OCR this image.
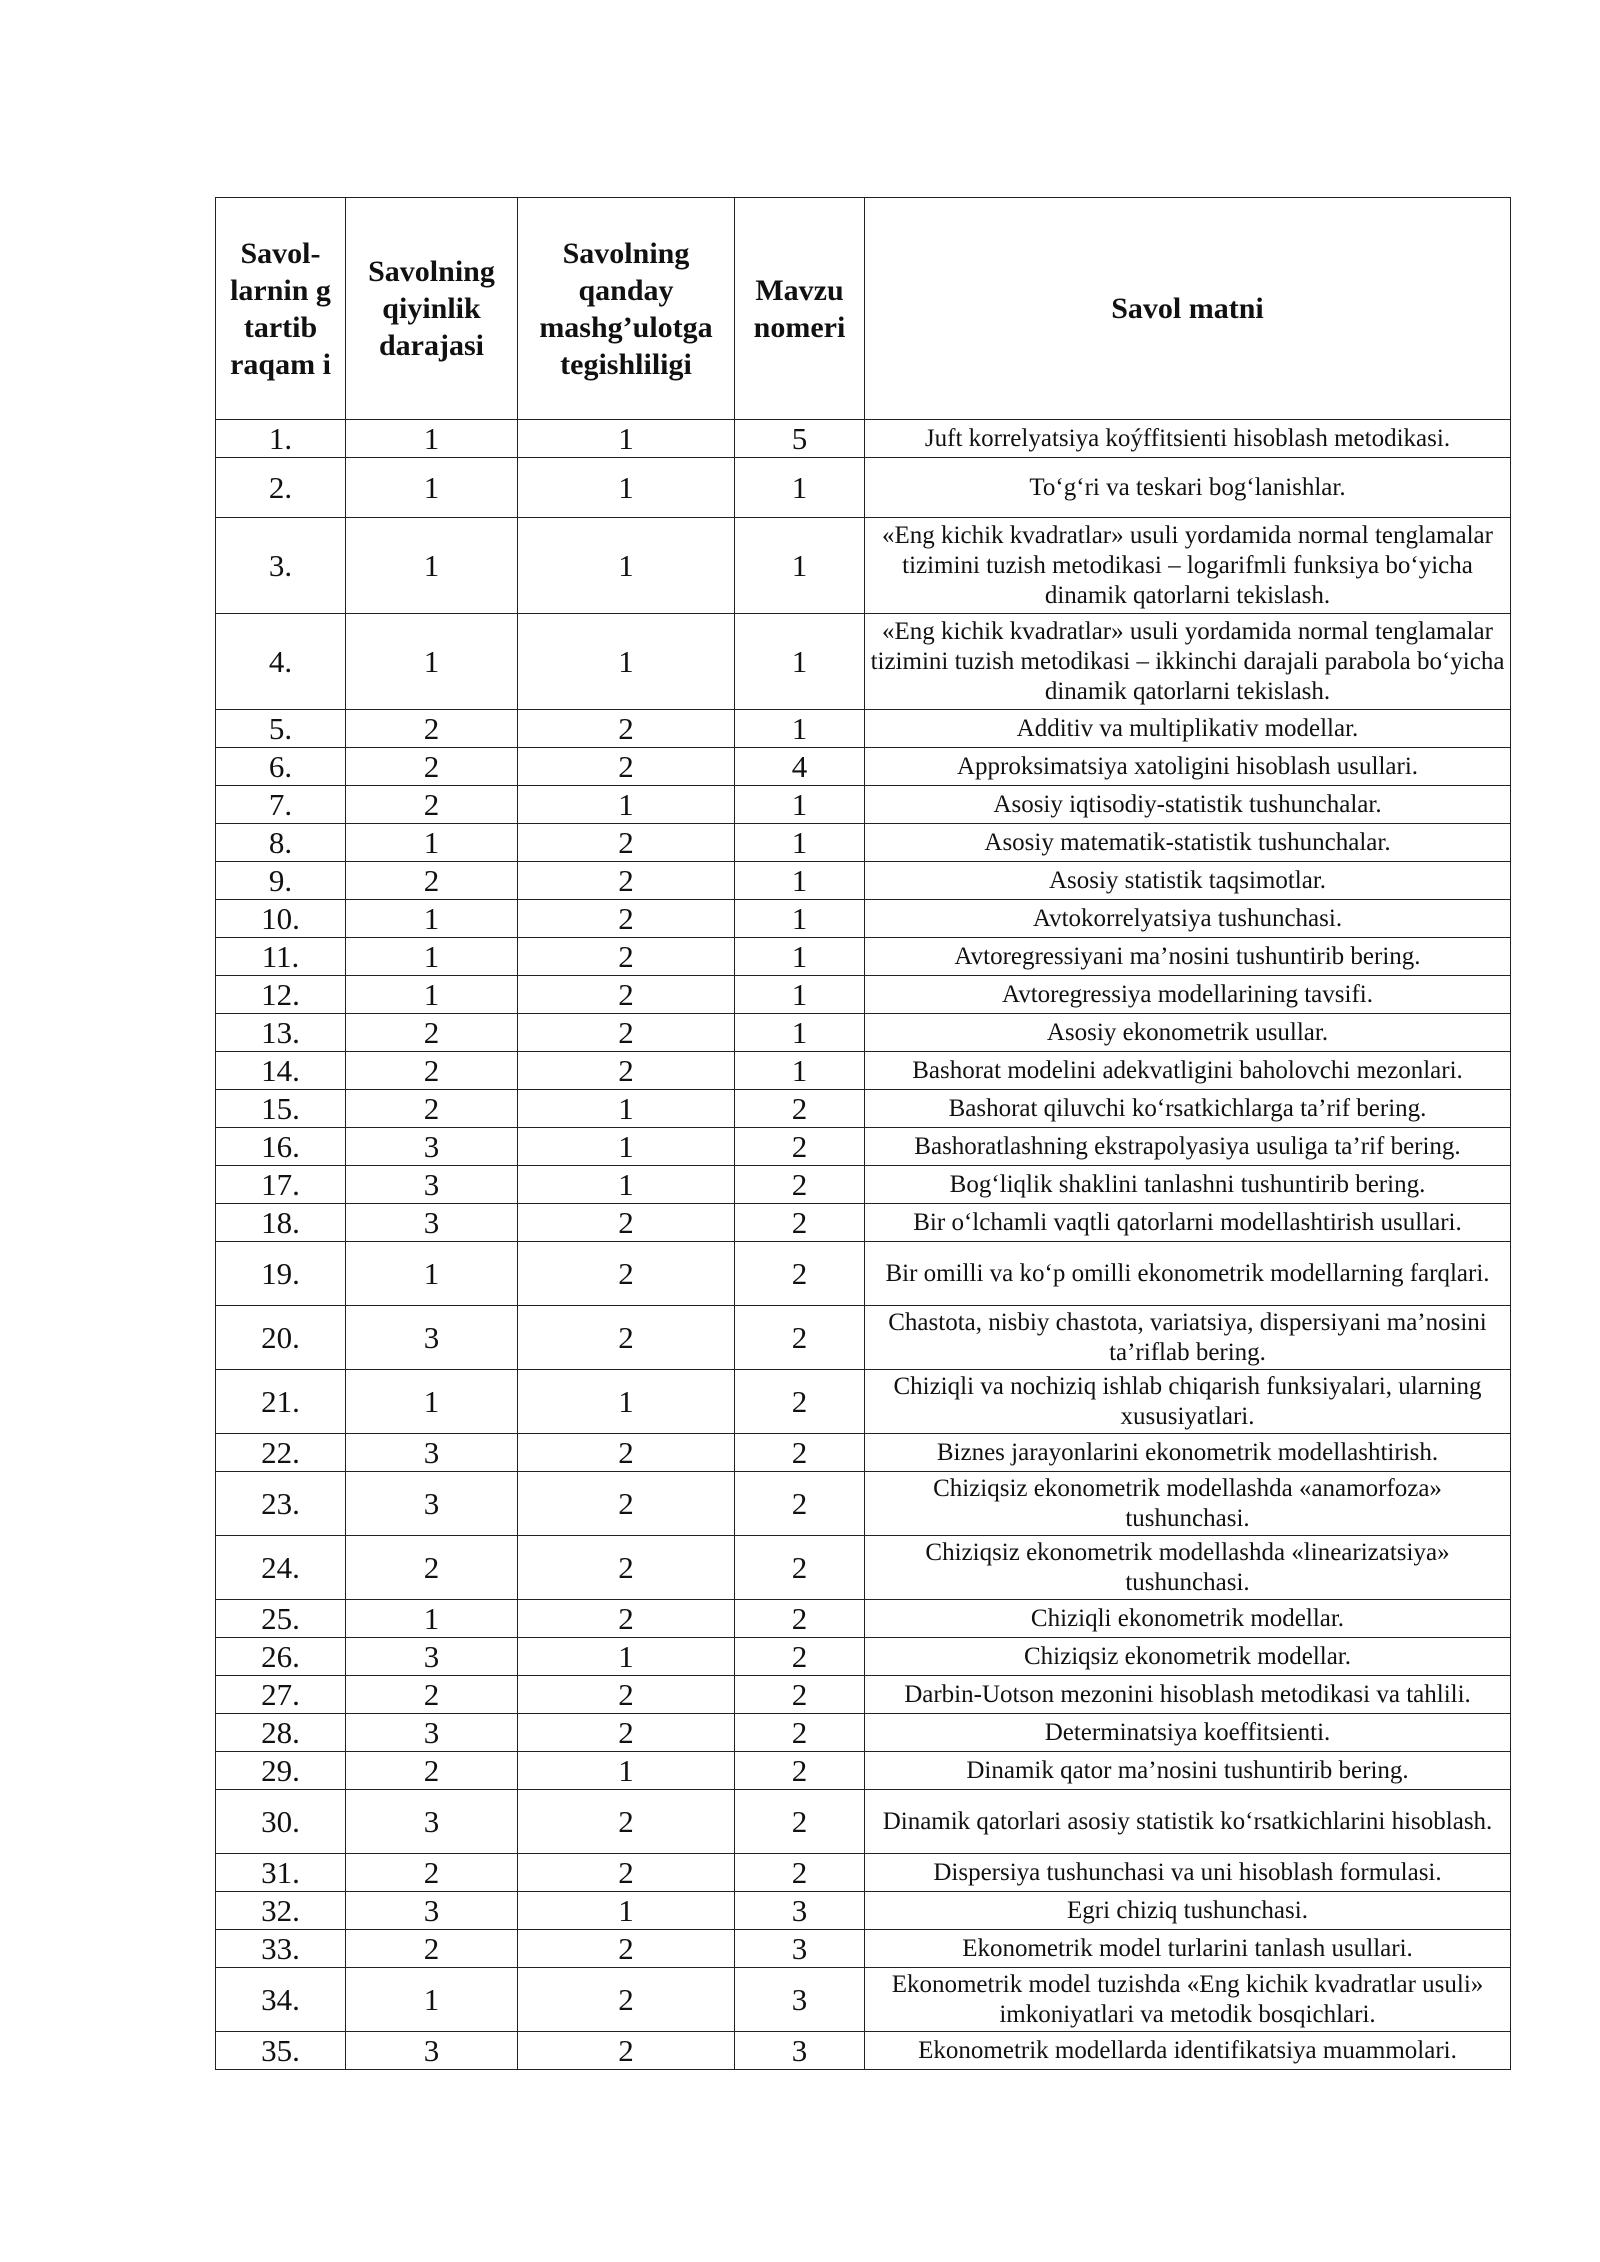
Savol-larnin g tartib raqam i	Savolning qiyinlik darajasi	Savolning qanday mashg’ulotga tegishliligi	Mavzu nomeri	Savol matni
1.	1	1	5	Juft korrelyatsiya koýffitsienti hisoblash metodikasi.
2.	1	1	1	To‘g‘ri va teskari bog‘lanishlar.
3.	1	1	1	«Eng kichik kvadratlar» usuli yordamida normal tenglamalar tizimini tuzish metodikasi – logarifmli funksiya bo‘yicha dinamik qatorlarni tekislash.
4.	1	1	1	«Eng kichik kvadratlar» usuli yordamida normal tenglamalar tizimini tuzish metodikasi – ikkinchi darajali parabola bo‘yicha dinamik qatorlarni tekislash.
5.	2	2	1	Additiv va multiplikativ modellar.
6.	2	2	4	Approksimatsiya xatoligini hisoblash usullari.
7.	2	1	1	Asosiy iqtisodiy-statistik tushunchalar.
8.	1	2	1	Asosiy matematik-statistik tushunchalar.
9.	2	2	1	Asosiy statistik taqsimotlar.
10.	1	2	1	Avtokorrelyatsiya tushunchasi.
11.	1	2	1	Avtoregressiyani ma’nosini tushuntirib bering.
12.	1	2	1	Avtoregressiya modellarining tavsifi.
13.	2	2	1	Asosiy ekonometrik usullar.
14.	2	2	1	Bashorat modelini adekvatligini baholovchi mezonlari.
15.	2	1	2	Bashorat qiluvchi ko‘rsatkichlarga ta’rif bering.
16.	3	1	2	Bashoratlashning ekstrapolyasiya usuliga ta’rif bering.
17.	3	1	2	Bog‘liqlik shaklini tanlashni tushuntirib bering.
18.	3	2	2	Bir o‘lchamli vaqtli qatorlarni modellashtirish usullari.
19.	1	2	2	Bir omilli va ko‘p omilli ekonometrik modellarning farqlari.
20.	3	2	2	Chastota, nisbiy chastota, variatsiya, dispersiyani ma’nosini ta’riflab bering.
21.	1	1	2	Chiziqli va nochiziq ishlab chiqarish funksiyalari, ularning xususiyatlari.
22.	3	2	2	Biznes jarayonlarini ekonometrik modellashtirish.
23.	3	2	2	Chiziqsiz ekonometrik modellashda «anamorfoza» tushunchasi.
24.	2	2	2	Chiziqsiz ekonometrik modellashda «linearizatsiya» tushunchasi.
25.	1	2	2	Chiziqli ekonometrik modellar.
26.	3	1	2	Chiziqsiz ekonometrik modellar.
27.	2	2	2	Darbin-Uotson mezonini hisoblash metodikasi va tahlili.
28.	3	2	2	Determinatsiya koeffitsienti.
29.	2	1	2	Dinamik qator ma’nosini tushuntirib bering.
30.	3	2	2	Dinamik qatorlari asosiy statistik ko‘rsatkichlarini hisoblash.
31.	2	2	2	Dispersiya tushunchasi va uni hisoblash formulasi.
32.	3	1	3	Egri chiziq tushunchasi.
33.	2	2	3	Ekonometrik model turlarini tanlash usullari.
34.	1	2	3	Ekonometrik model tuzishda «Eng kichik kvadratlar usuli» imkoniyatlari va metodik bosqichlari.
35.	3	2	3	Ekonometrik modellarda identifikatsiya muammolari.
